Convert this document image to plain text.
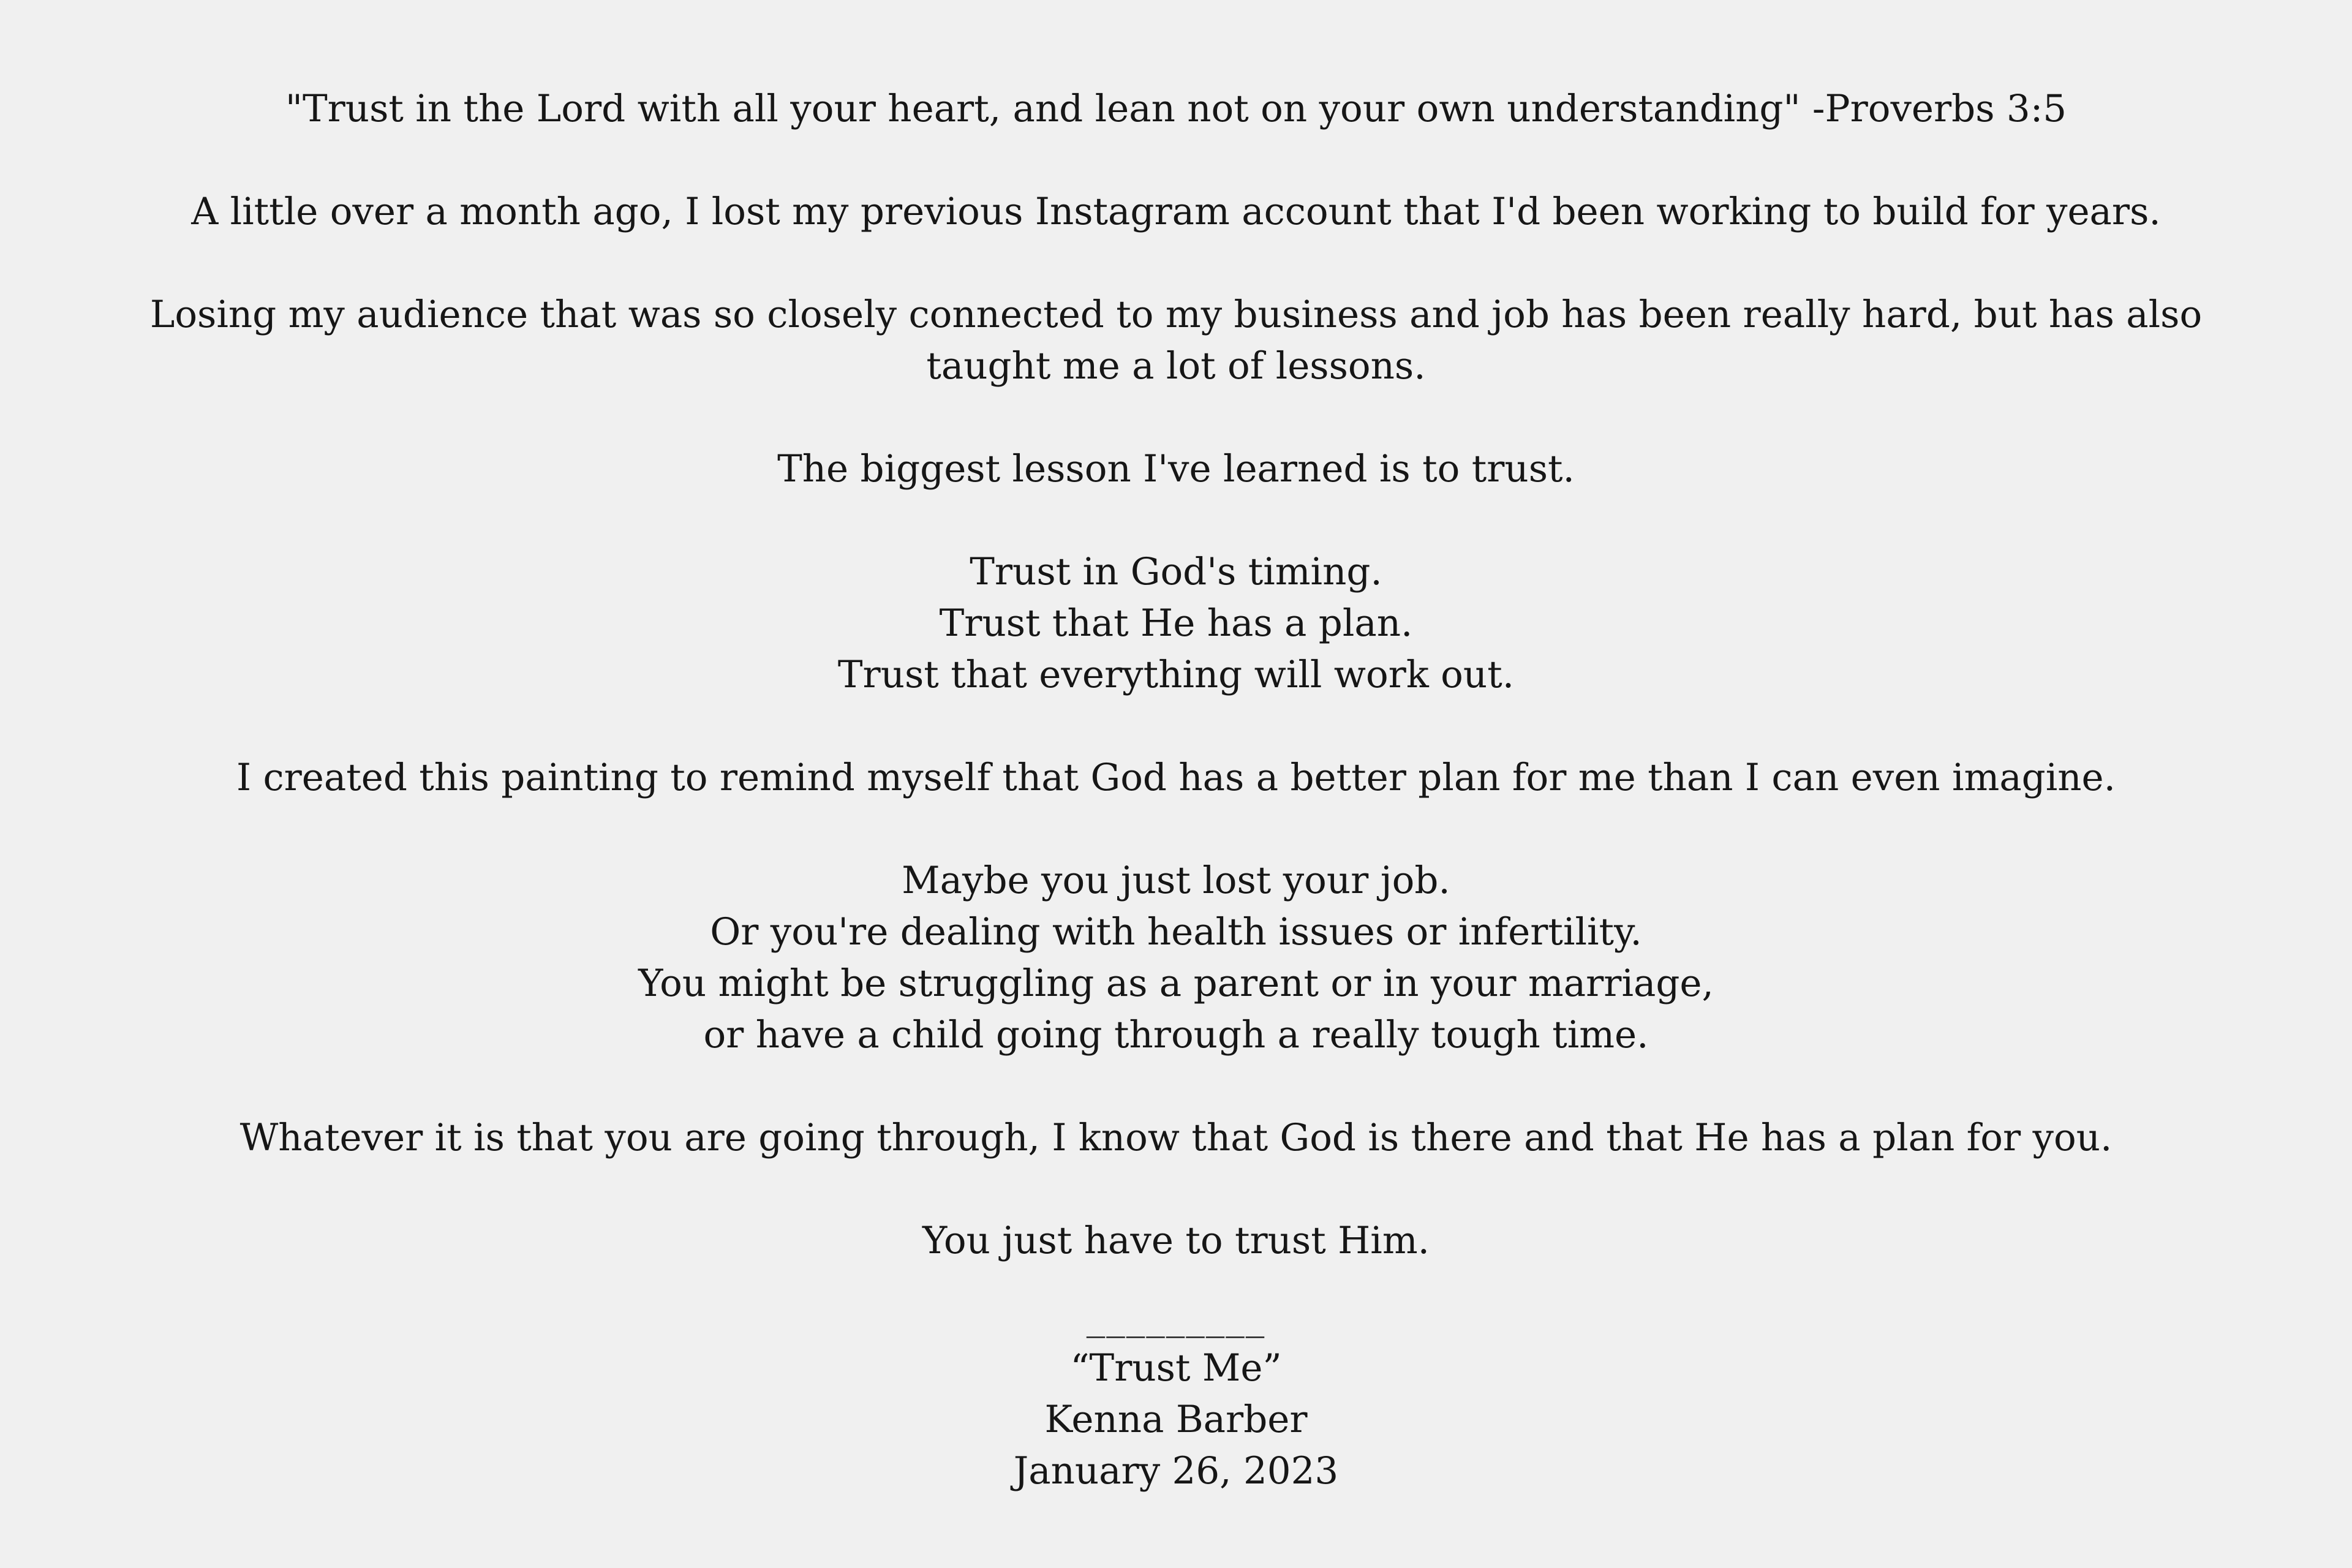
"Trust in the Lord with all your heart, and lean not on your own understanding" -Proverbs 3:5
A little over a month ago, I lost my previous Instagram account that I'd been working to build for years.
Losing my audience that was so closely connected to my business and job has been really hard, but has also
taught me a lot of lessons.
The biggest lesson I've learned is to trust.
Trust in God's timing.
Trust that He has a plan.
Trust that everything will work out.
I created this painting to remind myself that God has a better plan for me than I can even imagine.
Maybe you just lost your job.
Or you're dealing with health issues or infertility.
You might be struggling as a parent or in your marriage,
or have a child going through a really tough time.
Whatever it is that you are going through, I know that God is there and that He has a plan for you.
You just have to trust Him.
_________
“Trust Me”
Kenna Barber
January 26, 2023
